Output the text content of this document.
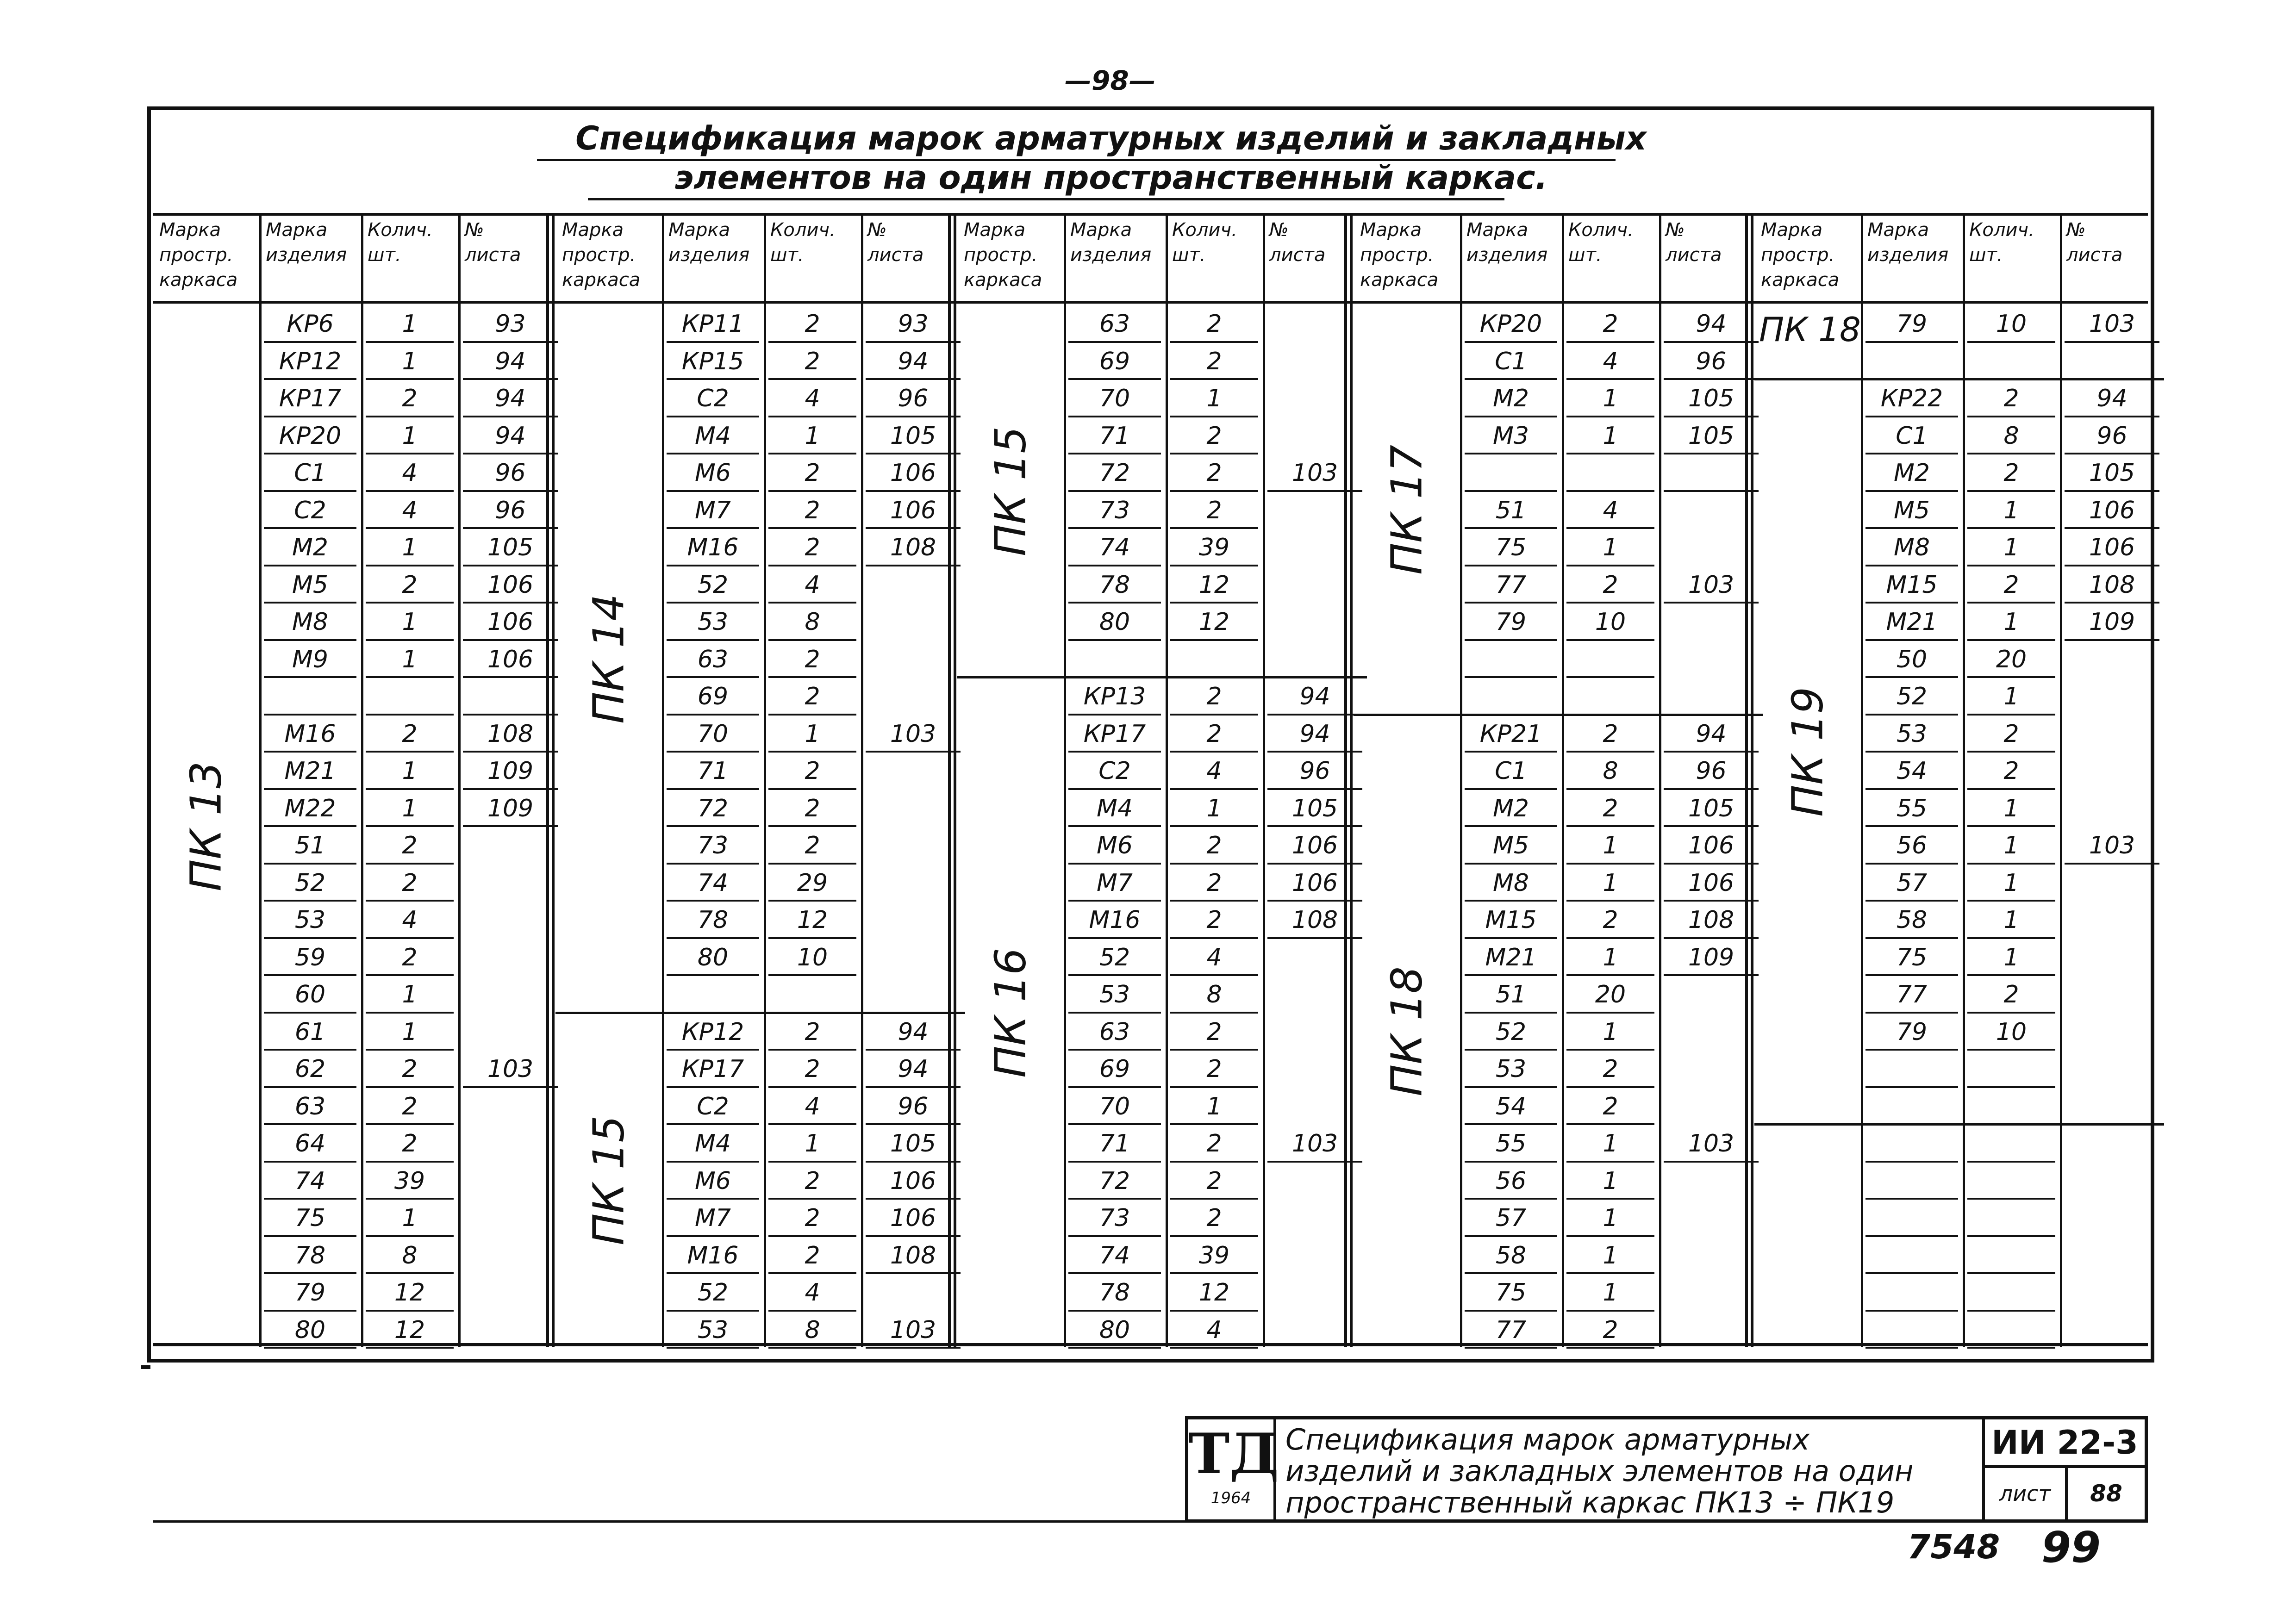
—98—
Спецификация марок арматурных изделий и закладных
элементов на один пространственный каркас.
Марка
простр.
каркаса
Марка
изделия
Колич.
шт.
№
листа
КР6	1	93
КР12	1	94
КР17	2	94
КР20	1	94
С1	4	96
С2	4	96
М2	1	105
М5	2	106
М8	1	106
М9	1	106
М16	2	108
М21	1	109
М22	1	109
51	2
52	2
53	4
59	2
60	1
61	1
62	2	103
63	2
64	2
74	39
75	1
78	8
79	12
80	12
ПК 13
Марка
простр.
каркаса
Марка
изделия
Колич.
шт.
№
листа
КР11	2	93
КР15	2	94
С2	4	96
М4	1	105
М6	2	106
М7	2	106
М16	2	108
52	4
53	8
63	2
69	2
70	1	103
71	2
72	2
73	2
74	29
78	12
80	10
ПК 14
КР12	2	94
КР17	2	94
С2	4	96
М4	1	105
М6	2	106
М7	2	106
М16	2	108
52	4
53	8	103
ПК 15
Марка
простр.
каркаса
Марка
изделия
Колич.
шт.
№
листа
63	2
69	2
70	1
71	2
72	2	103
73	2
74	39
78	12
80	12
ПК 15
КР13	2	94
КР17	2	94
С2	4	96
М4	1	105
М6	2	106
М7	2	106
М16	2	108
52	4
53	8
63	2
69	2
70	1
71	2	103
72	2
73	2
74	39
78	12
80	4
ПК 16
Марка
простр.
каркаса
Марка
изделия
Колич.
шт.
№
листа
КР20	2	94
С1	4	96
М2	1	105
М3	1	105
51	4
75	1
77	2	103
79	10
ПК 17
КР21	2	94
С1	8	96
М2	2	105
М5	1	106
М8	1	106
М15	2	108
М21	1	109
51	20
52	1
53	2
54	2
55	1	103
56	1
57	1
58	1
75	1
77	2
ПК 18
Марка
простр.
каркаса
Марка
изделия
Колич.
шт.
№
листа
79	10	103
ПК 18
КР22	2	94
С1	8	96
М2	2	105
М5	1	106
М8	1	106
М15	2	108
М21	1	109
50	20
52	1
53	2
54	2
55	1
56	1	103
57	1
58	1
75	1
77	2
79	10
ПК 19
ТД
1964
Спецификация марок арматурных изделий и закладных элементов на один пространственный каркас ПК13 ÷ ПК19
ИИ 22-3
лист	88
7548 99
